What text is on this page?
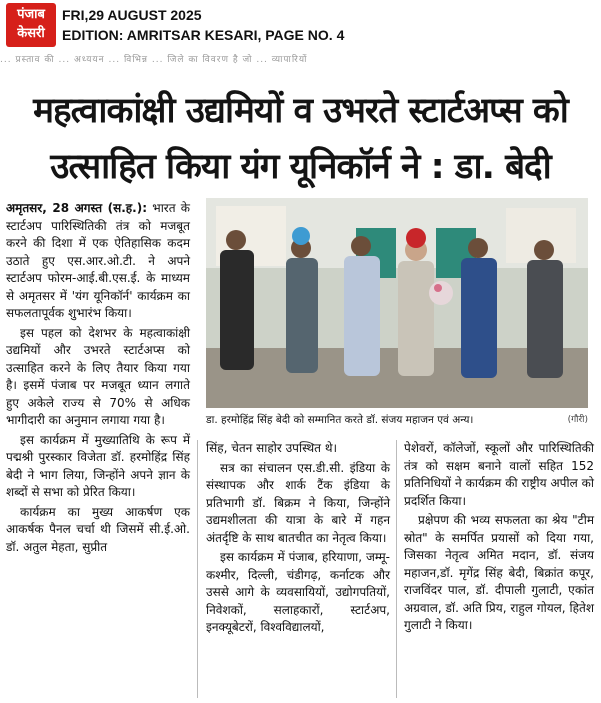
पंजाब
केसरी
FRI,29 AUGUST 2025
EDITION: AMRITSAR KESARI, PAGE NO. 4
... प्रस्ताव की ... अध्ययन ... विभिन्न ... जिले का विवरण है जो ... व्यापारियों
महत्वाकांक्षी उद्यमियों व उभरते स्टार्टअप्स को
उत्साहित किया यंग यूनिकॉर्न ने : डा. बेदी

अमृतसर, 28 अगस्त (स.ह.): भारत के स्टार्टअप पारिस्थितिकी तंत्र को मजबूत करने की दिशा में एक ऐतिहासिक कदम उठाते हुए एस.आर.ओ.टी. ने अपने स्टार्टअप फोरम-आई.बी.एस.ई. के माध्यम से अमृतसर में 'यंग यूनिकॉर्न' कार्यक्रम का सफलतापूर्वक शुभारंभ किया।

इस पहल को देशभर के महत्वाकांक्षी उद्यमियों और उभरते स्टार्टअप्स को उत्साहित करने के लिए तैयार किया गया है। इसमें पंजाब पर मजबूत ध्यान लगाते हुए अकेले राज्य से 70% से अधिक भागीदारी का अनुमान लगाया गया है।

इस कार्यक्रम में मुख्यातिथि के रूप में पद्मश्री पुरस्कार विजेता डॉ. हरमोहिंद्र सिंह बेदी ने भाग लिया, जिन्होंने अपने ज्ञान के शब्दों से सभा को प्रेरित किया।

कार्यक्रम का मुख्य आकर्षण एक आकर्षक पैनल चर्चा थी जिसमें सी.ई.ओ. डॉ. अतुल मेहता, सुप्रीत

डा. हरमोहिंद्र सिंह बेदी को सम्मानित करते डॉ. संजय महाजन एवं अन्य।	(गौरी)

सिंह, चेतन साहोर उपस्थित थे।

सत्र का संचालन एस.डी.सी. इंडिया के संस्थापक और शार्क टैंक इंडिया के प्रतिभागी डॉ. बिक्रम ने किया, जिन्होंने उद्यमशीलता की यात्रा के बारे में गहन अंतर्दृष्टि के साथ बातचीत का नेतृत्व किया।

इस कार्यक्रम में पंजाब, हरियाणा, जम्मू-कश्मीर, दिल्ली, चंडीगढ़, कर्नाटक और उससे आगे के व्यवसायियों, उद्योगपतियों, निवेशकों, सलाहकारों, स्टार्टअप, इनक्यूबेटरों, विश्वविद्यालयों,

पेशेवरों, कॉलेजों, स्कूलों और पारिस्थितिकी तंत्र को सक्षम बनाने वालों सहित 152 प्रतिनिधियों ने कार्यक्रम की राष्ट्रीय अपील को प्रदर्शित किया।

प्रक्षेपण की भव्य सफलता का श्रेय "टीम स्रोत" के समर्पित प्रयासों को दिया गया, जिसका नेतृत्व अमित मदान, डॉ. संजय महाजन,डॉ. मृगेंद्र सिंह बेदी, बिक्रांत कपूर, राजविंदर पाल, डॉ. दीपाली गुलाटी, एकांत अग्रवाल, डॉ. अति प्रिय, राहुल गोयल, हितेश गुलाटी ने किया।
